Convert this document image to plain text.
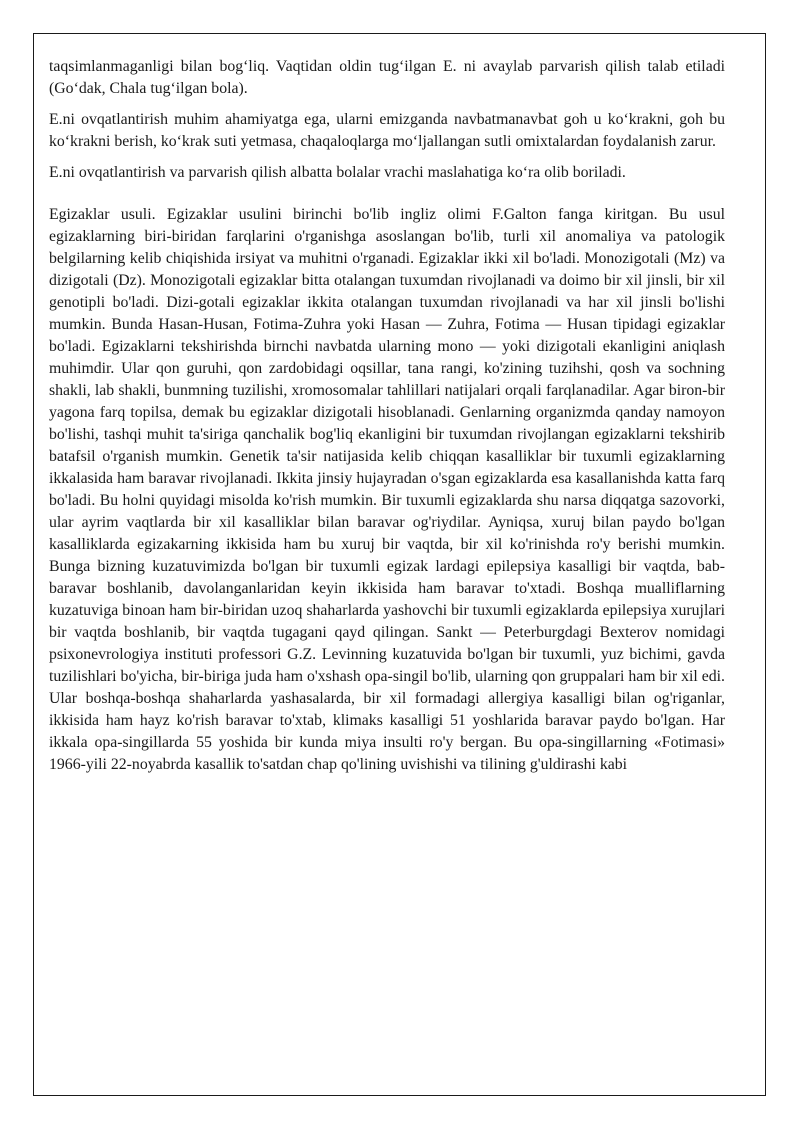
taqsimlanmaganligi bilan bog‘liq. Vaqtidan oldin tug‘ilgan E. ni avaylab parvarish qilish talab etiladi (Go‘dak, Chala tug‘ilgan bola).

E.ni ovqatlantirish muhim ahamiyatga ega, ularni emizganda navbatmanavbat goh u ko‘krakni, goh bu ko‘krakni berish, ko‘krak suti yetmasa, chaqaloqlarga mo‘ljallangan sutli omixtalardan foydalanish zarur.

E.ni ovqatlantirish va parvarish qilish albatta bolalar vrachi maslahatiga ko‘ra olib boriladi.

Egizaklar usuli. Egizaklar usulini birinchi bo'lib ingliz olimi F.Galton fanga kiritgan. Bu usul egizaklarning biri-biridan farqlarini o'rganishga asoslangan bo'lib, turli xil anomaliya va patologik belgilarning kelib chiqishida irsiyat va muhitni o'rganadi. Egizaklar ikki xil bo'ladi. Monozigotali (Mz) va dizigotali (Dz). Monozigotali egizaklar bitta otalangan tuxumdan rivojlanadi va doimo bir xil jinsli, bir xil genotipli bo'ladi. Dizi-gotali egizaklar ikkita otalangan tuxumdan rivojlanadi va har xil jinsli bo'lishi mumkin. Bunda Hasan-Husan, Fotima-Zuhra yoki Hasan — Zuhra, Fotima — Husan tipidagi egizaklar bo'ladi. Egizaklarni tekshirishda birnchi navbatda ularning mono — yoki dizigotali ekanligini aniqlash muhimdir. Ular qon guruhi, qon zardobidagi oqsillar, tana rangi, ko'zining tuzihshi, qosh va sochning shakli, lab shakli, bunmning tuzilishi, xromosomalar tahlillari natijalari orqali farqlanadilar. Agar biron-bir yagona farq topilsa, demak bu egizaklar dizigotali hisoblanadi. Genlarning organizmda qanday namoyon bo'lishi, tashqi muhit ta'siriga qanchalik bog'liq ekanligini bir tuxumdan rivojlangan egizaklarni tekshirib batafsil o'rganish mumkin. Genetik ta'sir natijasida kelib chiqqan kasalliklar bir tuxumli egizaklarning ikkalasida ham baravar rivojlanadi. Ikkita jinsiy hujayradan o'sgan egizaklarda esa kasallanishda katta farq bo'ladi. Bu holni quyidagi misolda ko'rish mumkin. Bir tuxumli egizaklarda shu narsa diqqatga sazovorki, ular ayrim vaqtlarda bir xil kasalliklar bilan baravar og'riydilar. Ayniqsa, xuruj bilan paydo bo'lgan kasalliklarda egizakarning ikkisida ham bu xuruj bir vaqtda, bir xil ko'rinishda ro'y berishi mumkin. Bunga bizning kuzatuvimizda bo'lgan bir tuxumli egizak lardagi epilepsiya kasalligi bir vaqtda, bab-baravar boshlanib, davolanganlaridan keyin ikkisida ham baravar to'xtadi. Boshqa mualliflarning kuzatuviga binoan ham bir-biridan uzoq shaharlarda yashovchi bir tuxumli egizaklarda epilepsiya xurujlari bir vaqtda boshlanib, bir vaqtda tugagani qayd qilingan. Sankt — Peterburgdagi Bexterov nomidagi psixonevrologiya instituti professori G.Z. Levinning kuzatuvida bo'lgan bir tuxumli, yuz bichimi, gavda tuzilishlari bo'yicha, bir-biriga juda ham o'xshash opa-singil bo'lib, ularning qon gruppalari ham bir xil edi. Ular boshqa-boshqa shaharlarda yashasalarda, bir xil formadagi allergiya kasalligi bilan og'riganlar, ikkisida ham hayz ko'rish baravar to'xtab, klimaks kasalligi 51 yoshlarida baravar paydo bo'lgan. Har ikkala opa-singillarda 55 yoshida bir kunda miya insulti ro'y bergan. Bu opa-singillarning «Fotimasi» 1966-yili 22-noyabrda kasallik to'satdan chap qo'lining uvishishi va tilining g'uldirashi kabi
